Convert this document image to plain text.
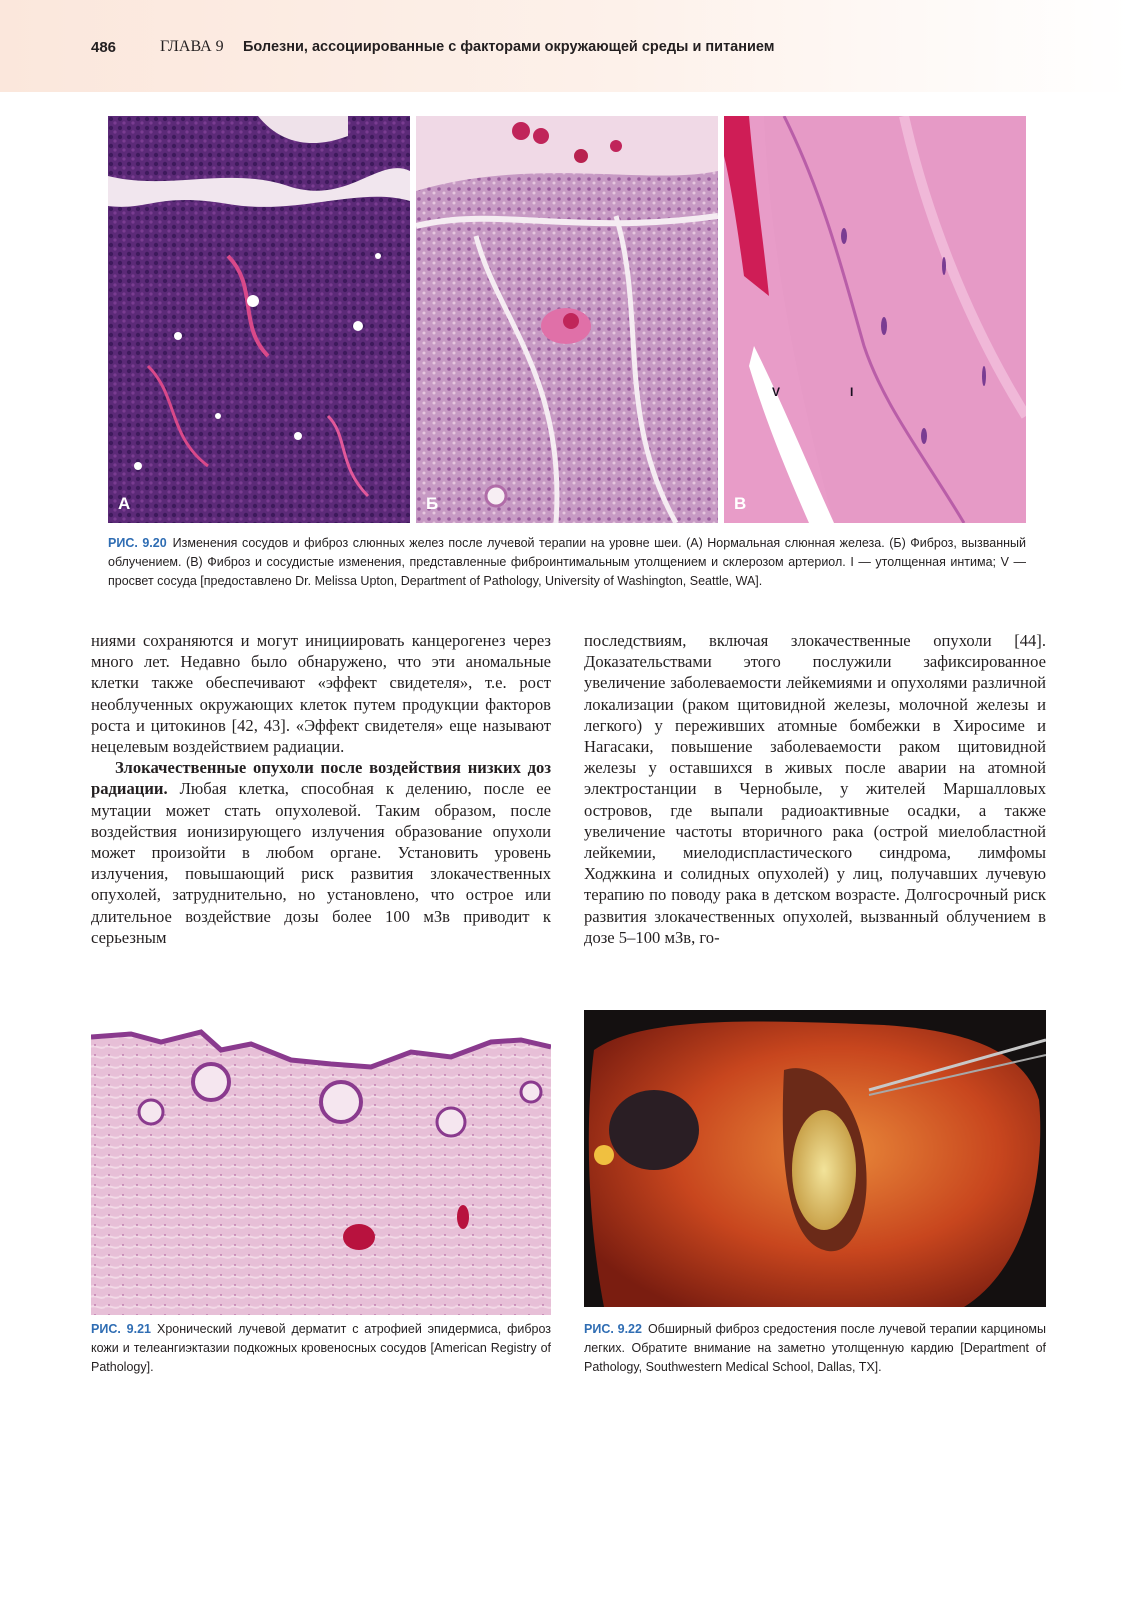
486	ГЛАВА 9 Болезни, ассоциированные с факторами окружающей среды и питанием
А	Б
V	I
В
РИС. 9.20 Изменения сосудов и фиброз слюнных желез после лучевой терапии на уровне шеи. (А) Нормальная слюнная железа. (Б) Фиброз, вызванный облучением. (В) Фиброз и сосудистые изменения, представленные фиброинтимальным утолщением и склерозом артериол. I — утолщенная интима; V — просвет сосуда [предоставлено Dr. Melissa Upton, Department of Pathology, University of Washington, Seattle, WA].

ниями сохраняются и могут инициировать канцерогенез через много лет. Недавно было обнаружено, что эти аномальные клетки также обеспечивают «эффект свидетеля», т.е. рост необлученных окружающих клеток путем продукции факторов роста и цитокинов [42, 43]. «Эффект свидетеля» еще называют нецелевым воздействием радиации.

Злокачественные опухоли после воздействия низких доз радиации. Любая клетка, способная к делению, после ее мутации может стать опухолевой. Таким образом, после воздействия ионизирующего излучения образование опухоли может произойти в любом органе. Установить уровень излучения, повышающий риск развития злокачественных опухолей, затруднительно, но установлено, что острое или длительное воздействие дозы более 100 мЗв приводит к серьезным

последствиям, включая злокачественные опухоли [44]. Доказательствами этого послужили зафиксированное увеличение заболеваемости лейкемиями и опухолями различной локализации (раком щитовидной железы, молочной железы и легкого) у переживших атомные бомбежки в Хиросиме и Нагасаки, повышение заболеваемости раком щитовидной железы у оставшихся в живых после аварии на атомной электростанции в Чернобыле, у жителей Маршалловых островов, где выпали радиоактивные осадки, а также увеличение частоты вторичного рака (острой миелобластной лейкемии, миелодиспластического синдрома, лимфомы Ходжкина и солидных опухолей) у лиц, получавших лучевую терапию по поводу рака в детском возрасте. Долгосрочный риск развития злокачественных опухолей, вызванный облучением в дозе 5–100 мЗв, го-

РИС. 9.21 Хронический лучевой дерматит с атрофией эпидермиса, фиброз кожи и телеангиэктазии подкожных кровеносных сосудов [American Registry of Pathology].
РИС. 9.22 Обширный фиброз средостения после лучевой терапии карциномы легких. Обратите внимание на заметно утолщенную кардию [Department of Pathology, Southwestern Medical School, Dallas, TX].
